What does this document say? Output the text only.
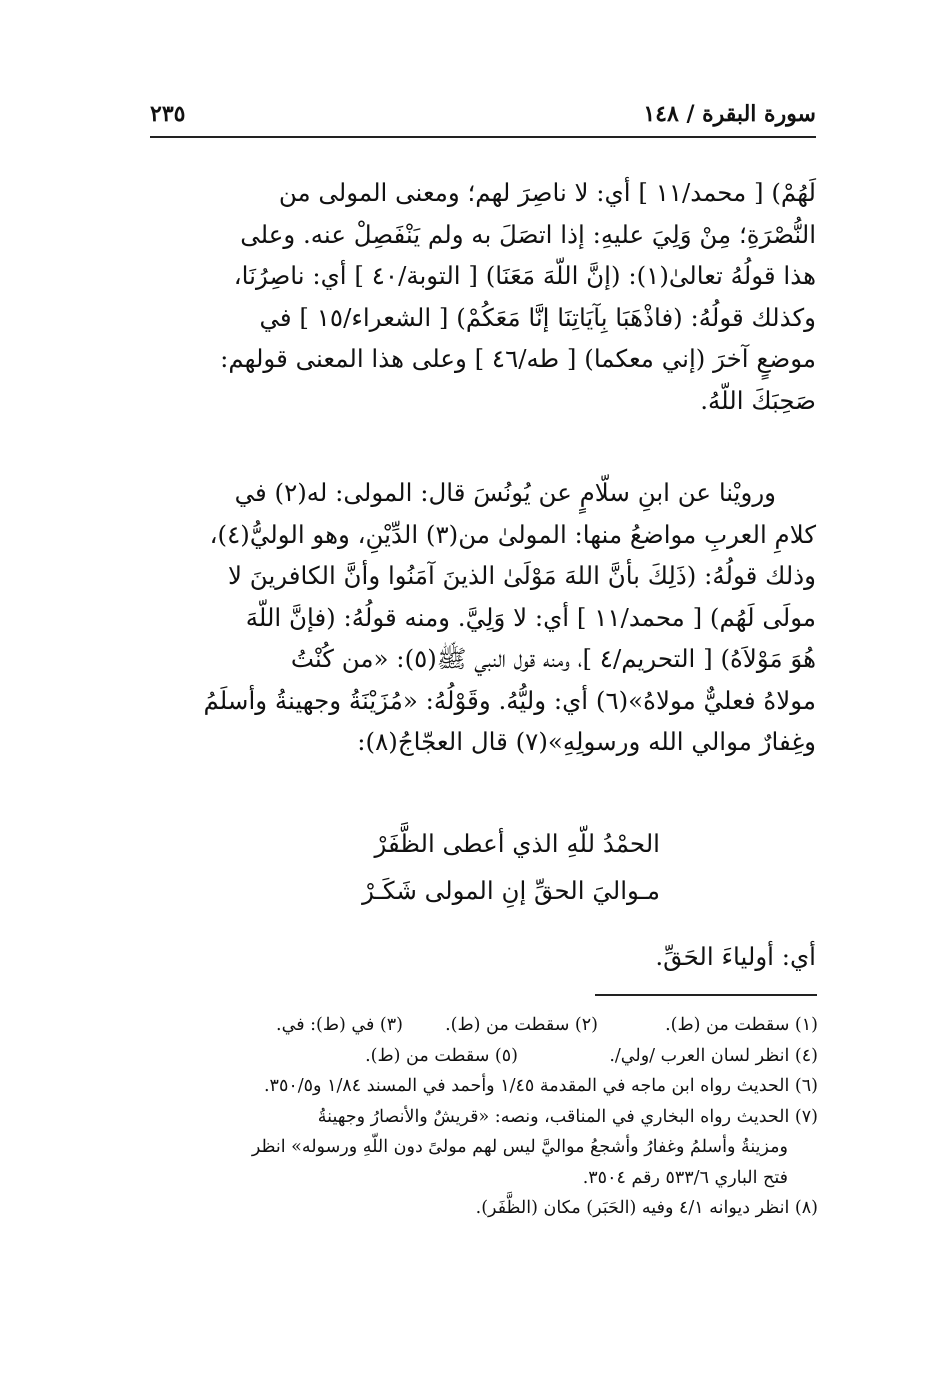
سورة البقرة / ١٤٨
٢٣٥
لَهُمْ) [ محمد/١١ ] أي: لا ناصِرَ لهم؛ ومعنى المولى من
النُّصْرَةِ؛ مِنْ وَلِيَ عليهِ: إذا اتصَلَ به ولم يَنْفَصِلْ عنه. وعلى
هذا قولُهُ تعالىٰ(١): (إنَّ اللّهَ مَعَنَا) [ التوبة/٤٠ ] أي: ناصِرُنَا،
وكذلك قولُهُ: (فاذْهَبَا بِآيَاتِنَا إنَّا مَعَكُمْ) [ الشعراء/١٥ ] في
موضعٍ آخرَ (إني معكما) [ طه/٤٦ ] وعلى هذا المعنى قولهم:
صَحِبَكَ اللّهُ.
ورويْنا عن ابنِ سلّامٍ عن يُونُسَ قال: المولى: له(٢) في
كلامِ العربِ مواضعُ منها: المولىٰ من(٣) الدِّيْنِ، وهو الوليُّ(٤)،
وذلك قولُهُ: (ذَلِكَ بأنَّ اللهَ مَوْلَىٰ الذينَ آمَنُوا وأنَّ الكافرينَ لا
مولَى لَهُم) [ محمد/١١ ] أي: لا وَلِيَّ. ومنه قولُهُ: (فإنَّ اللّهَ
هُوَ مَوْلاَهُ) [ التحريم/٤ ]، ومنه قول النبي ﷺ(٥): «من كُنْتُ
مولاهُ فعليٌّ مولاهُ»(٦) أي: وليُّهُ. وقَوْلُهُ: «مُزَيْنَةُ وجهينةُ وأسلَمُ
وغِفارٌ موالي الله ورسولِهِ»(٧) قال العجّاجُ(٨):
الحمْدُ للّهِ الذي أعطى الظَّفَرْ
مـواليَ الحقِّ إنِ المولى شَكَـرْ
أي: أولياءَ الحَقِّ.
(١) سقطت من (ط).
(٢) سقطت من (ط).
(٣) في (ط): في.
(٤) انظر لسان العرب /ولي/.
(٥) سقطت من (ط).
(٦) الحديث رواه ابن ماجه في المقدمة ١/٤٥ وأحمد في المسند ١/٨٤ و٣٥٠/٥.
(٧) الحديث رواه البخاري في المناقب، ونصه: «قريشٌ والأنصارُ وجهينةُ
ومزينةُ وأسلمُ وغفارُ وأشجعُ مواليَّ ليس لهم مولىً دون اللّهِ ورسوله» انظر
فتح الباري ٥٣٣/٦ رقم ٣٥٠٤.
(٨) انظر ديوانه ٤/١ وفيه (الحَبَر) مكان (الظَّفَر).
